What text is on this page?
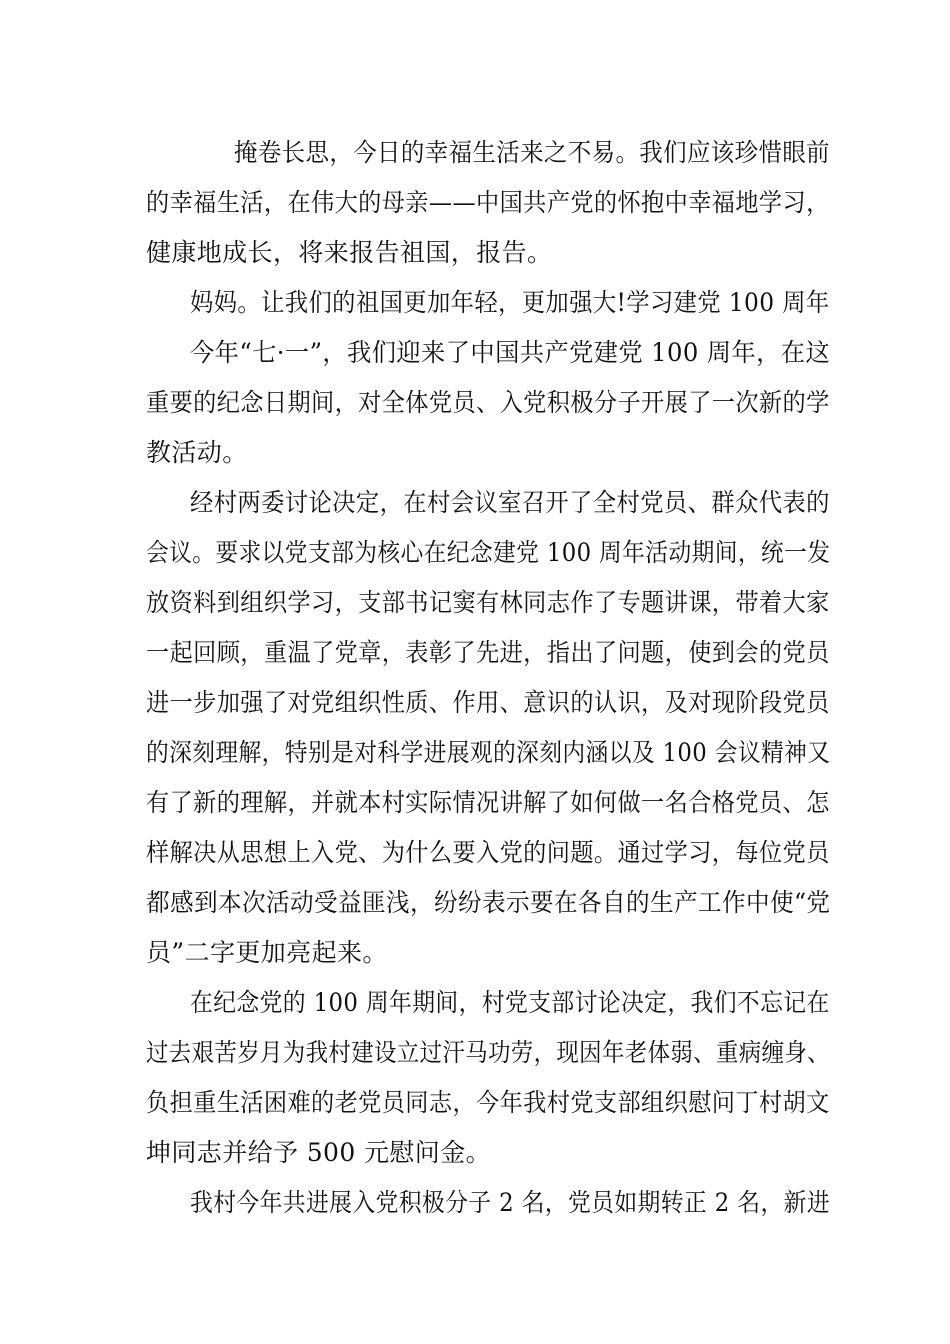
掩卷长思，今日的幸福生活来之不易。我们应该珍惜眼前
的幸福生活，在伟大的母亲——中国共产党的怀抱中幸福地学习，
健康地成长，将来报告祖国，报告。
妈妈。让我们的祖国更加年轻，更加强大!学习建党 100 周年
今年“七·一”，我们迎来了中国共产党建党 100 周年，在这
重要的纪念日期间，对全体党员、入党积极分子开展了一次新的学
教活动。
经村两委讨论决定，在村会议室召开了全村党员、群众代表的
会议。要求以党支部为核心在纪念建党 100 周年活动期间，统一发
放资料到组织学习，支部书记窦有林同志作了专题讲课，带着大家
一起回顾，重温了党章，表彰了先进，指出了问题，使到会的党员
进一步加强了对党组织性质、作用、意识的认识，及对现阶段党员
的深刻理解，特别是对科学进展观的深刻内涵以及 100 会议精神又
有了新的理解，并就本村实际情况讲解了如何做一名合格党员、怎
样解决从思想上入党、为什么要入党的问题。通过学习，每位党员
都感到本次活动受益匪浅，纷纷表示要在各自的生产工作中使“党
员”二字更加亮起来。
在纪念党的 100 周年期间，村党支部讨论决定，我们不忘记在
过去艰苦岁月为我村建设立过汗马功劳，现因年老体弱、重病缠身、
负担重生活困难的老党员同志，今年我村党支部组织慰问丁村胡文
坤同志并给予 500 元慰问金。
我村今年共进展入党积极分子 2 名，党员如期转正 2 名，新进
